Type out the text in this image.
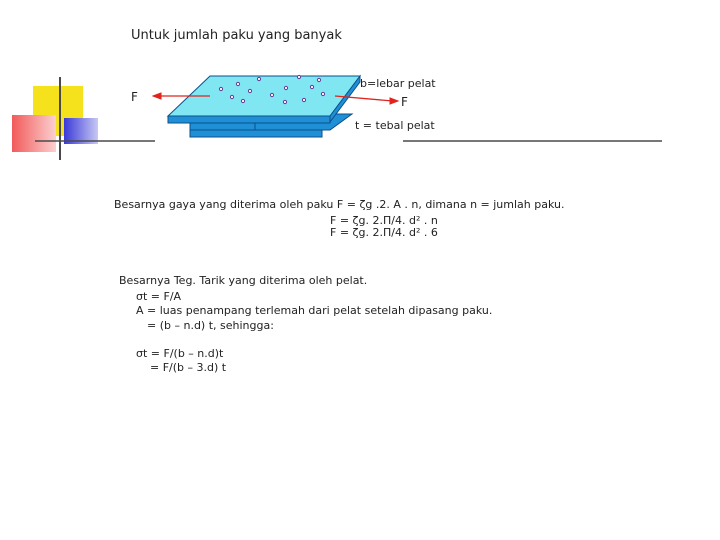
Untuk jumlah paku yang banyak
F	F
b=lebar pelat
t = tebal pelat
Besarnya gaya yang diterima oleh paku F = ζg .2. A . n, dimana n = jumlah paku.
F = ζg. 2.Π/4. d² . n
F = ζg. 2.Π/4. d² . 6
Besarnya Teg. Tarik yang diterima oleh pelat.
σt = F/A
A = luas penampang terlemah dari pelat setelah dipasang paku.
= (b – n.d) t, sehingga:
σt = F/(b – n.d)t
= F/(b – 3.d) t
